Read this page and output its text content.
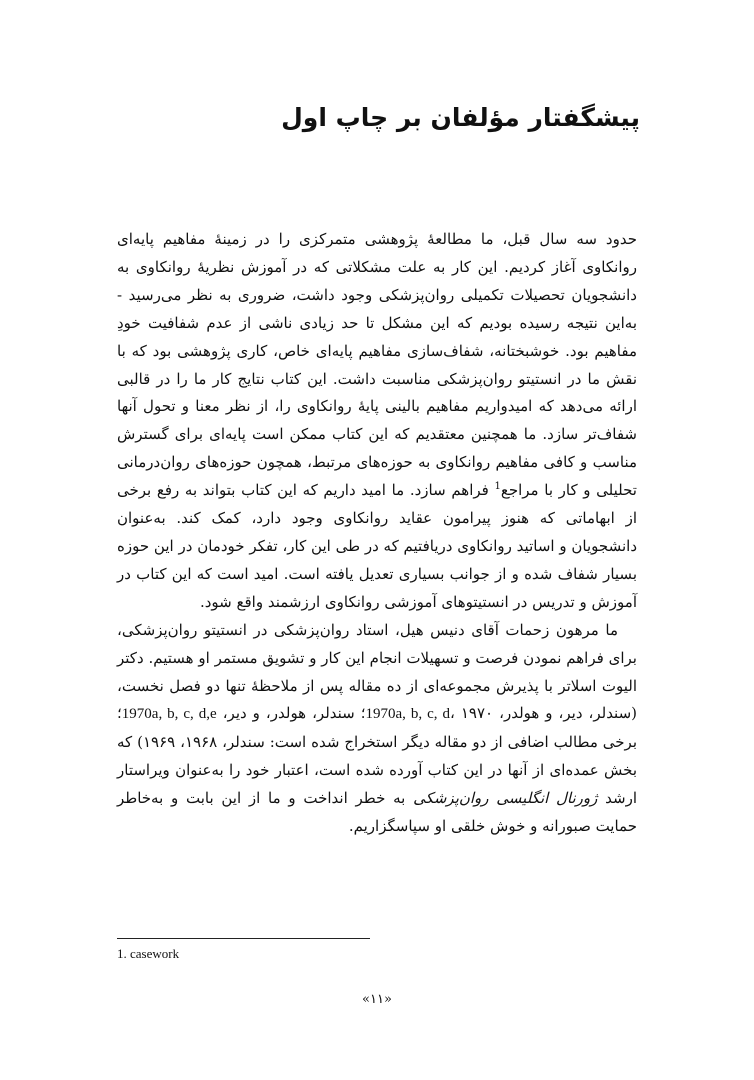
پیشگفتار مؤلفان بر چاپ اول

حدود سه سال قبل، ما مطالعهٔ پژوهشی متمرکزی را در زمینهٔ مفاهیم پایه‌ای روانکاوی آغاز کردیم. این کار به علت مشکلاتی که در آموزش نظریهٔ روانکاوی به دانشجویان تحصیلات تکمیلی روان‌پزشکی وجود داشت، ضروری به نظر می‌رسید - به‌این نتیجه رسیده بودیم که این مشکل تا حد زیادی ناشی از عدم شفافیت خودِ مفاهیم بود. خوشبختانه، شفاف‌سازی مفاهیم پایه‌ای خاص، کاری پژوهشی بود که با نقش ما در انستیتو روان‌پزشکی مناسبت داشت. این کتاب نتایج کار ما را در قالبی ارائه می‌دهد که امیدواریم مفاهیم بالینی پایهٔ روانکاوی را، از نظر معنا و تحول آنها شفاف‌تر سازد. ما همچنین معتقدیم که این کتاب ممکن است پایه‌ای برای گسترش مناسب و کافی مفاهیم روانکاوی به حوزه‌های مرتبط، همچون حوزه‌های روان‌درمانی تحلیلی و کار با مراجع$^1$ فراهم سازد. ما امید داریم که این کتاب بتواند به رفع برخی از ابهاماتی که هنوز پیرامون عقاید روانکاوی وجود دارد، کمک کند. به‌عنوان دانشجویان و اساتید روانکاوی دریافتیم که در طی این کار، تفکر خودمان در این حوزه بسیار شفاف شده و از جوانب بسیاری تعدیل یافته است. امید است که این کتاب در آموزش و تدریس در انستیتوهای آموزشی روانکاوی ارزشمند واقع شود.

ما مرهون زحمات آقای دنیس هیل، استاد روان‌پزشکی در انستیتو روان‌پزشکی، برای فراهم نمودن فرصت و تسهیلات انجام این کار و تشویق مستمر او هستیم. دکتر الیوت اسلاتر با پذیرش مجموعه‌ای از ده مقاله پس از ملاحظهٔ تنها دو فصل نخست، (سندلر، دیر، و هولدر، 1970a, b, c, d، ۱۹۷۰؛ سندلر، هولدر، و دیر، 1970a, b, c, d,e؛ برخی مطالب اضافی از دو مقاله دیگر استخراج شده است: سندلر، ۱۹۶۸، ۱۹۶۹) که بخش عمده‌ای از آنها در این کتاب آورده شده است، اعتبار خود را به‌عنوان ویراستار ارشد ژورنال انگلیسی روان‌پزشکی به خطر انداخت و ما از این بابت و به‌خاطر حمایت صبورانه و خوش خلقی او سپاسگزاریم.

1. casework
«۱۱»
